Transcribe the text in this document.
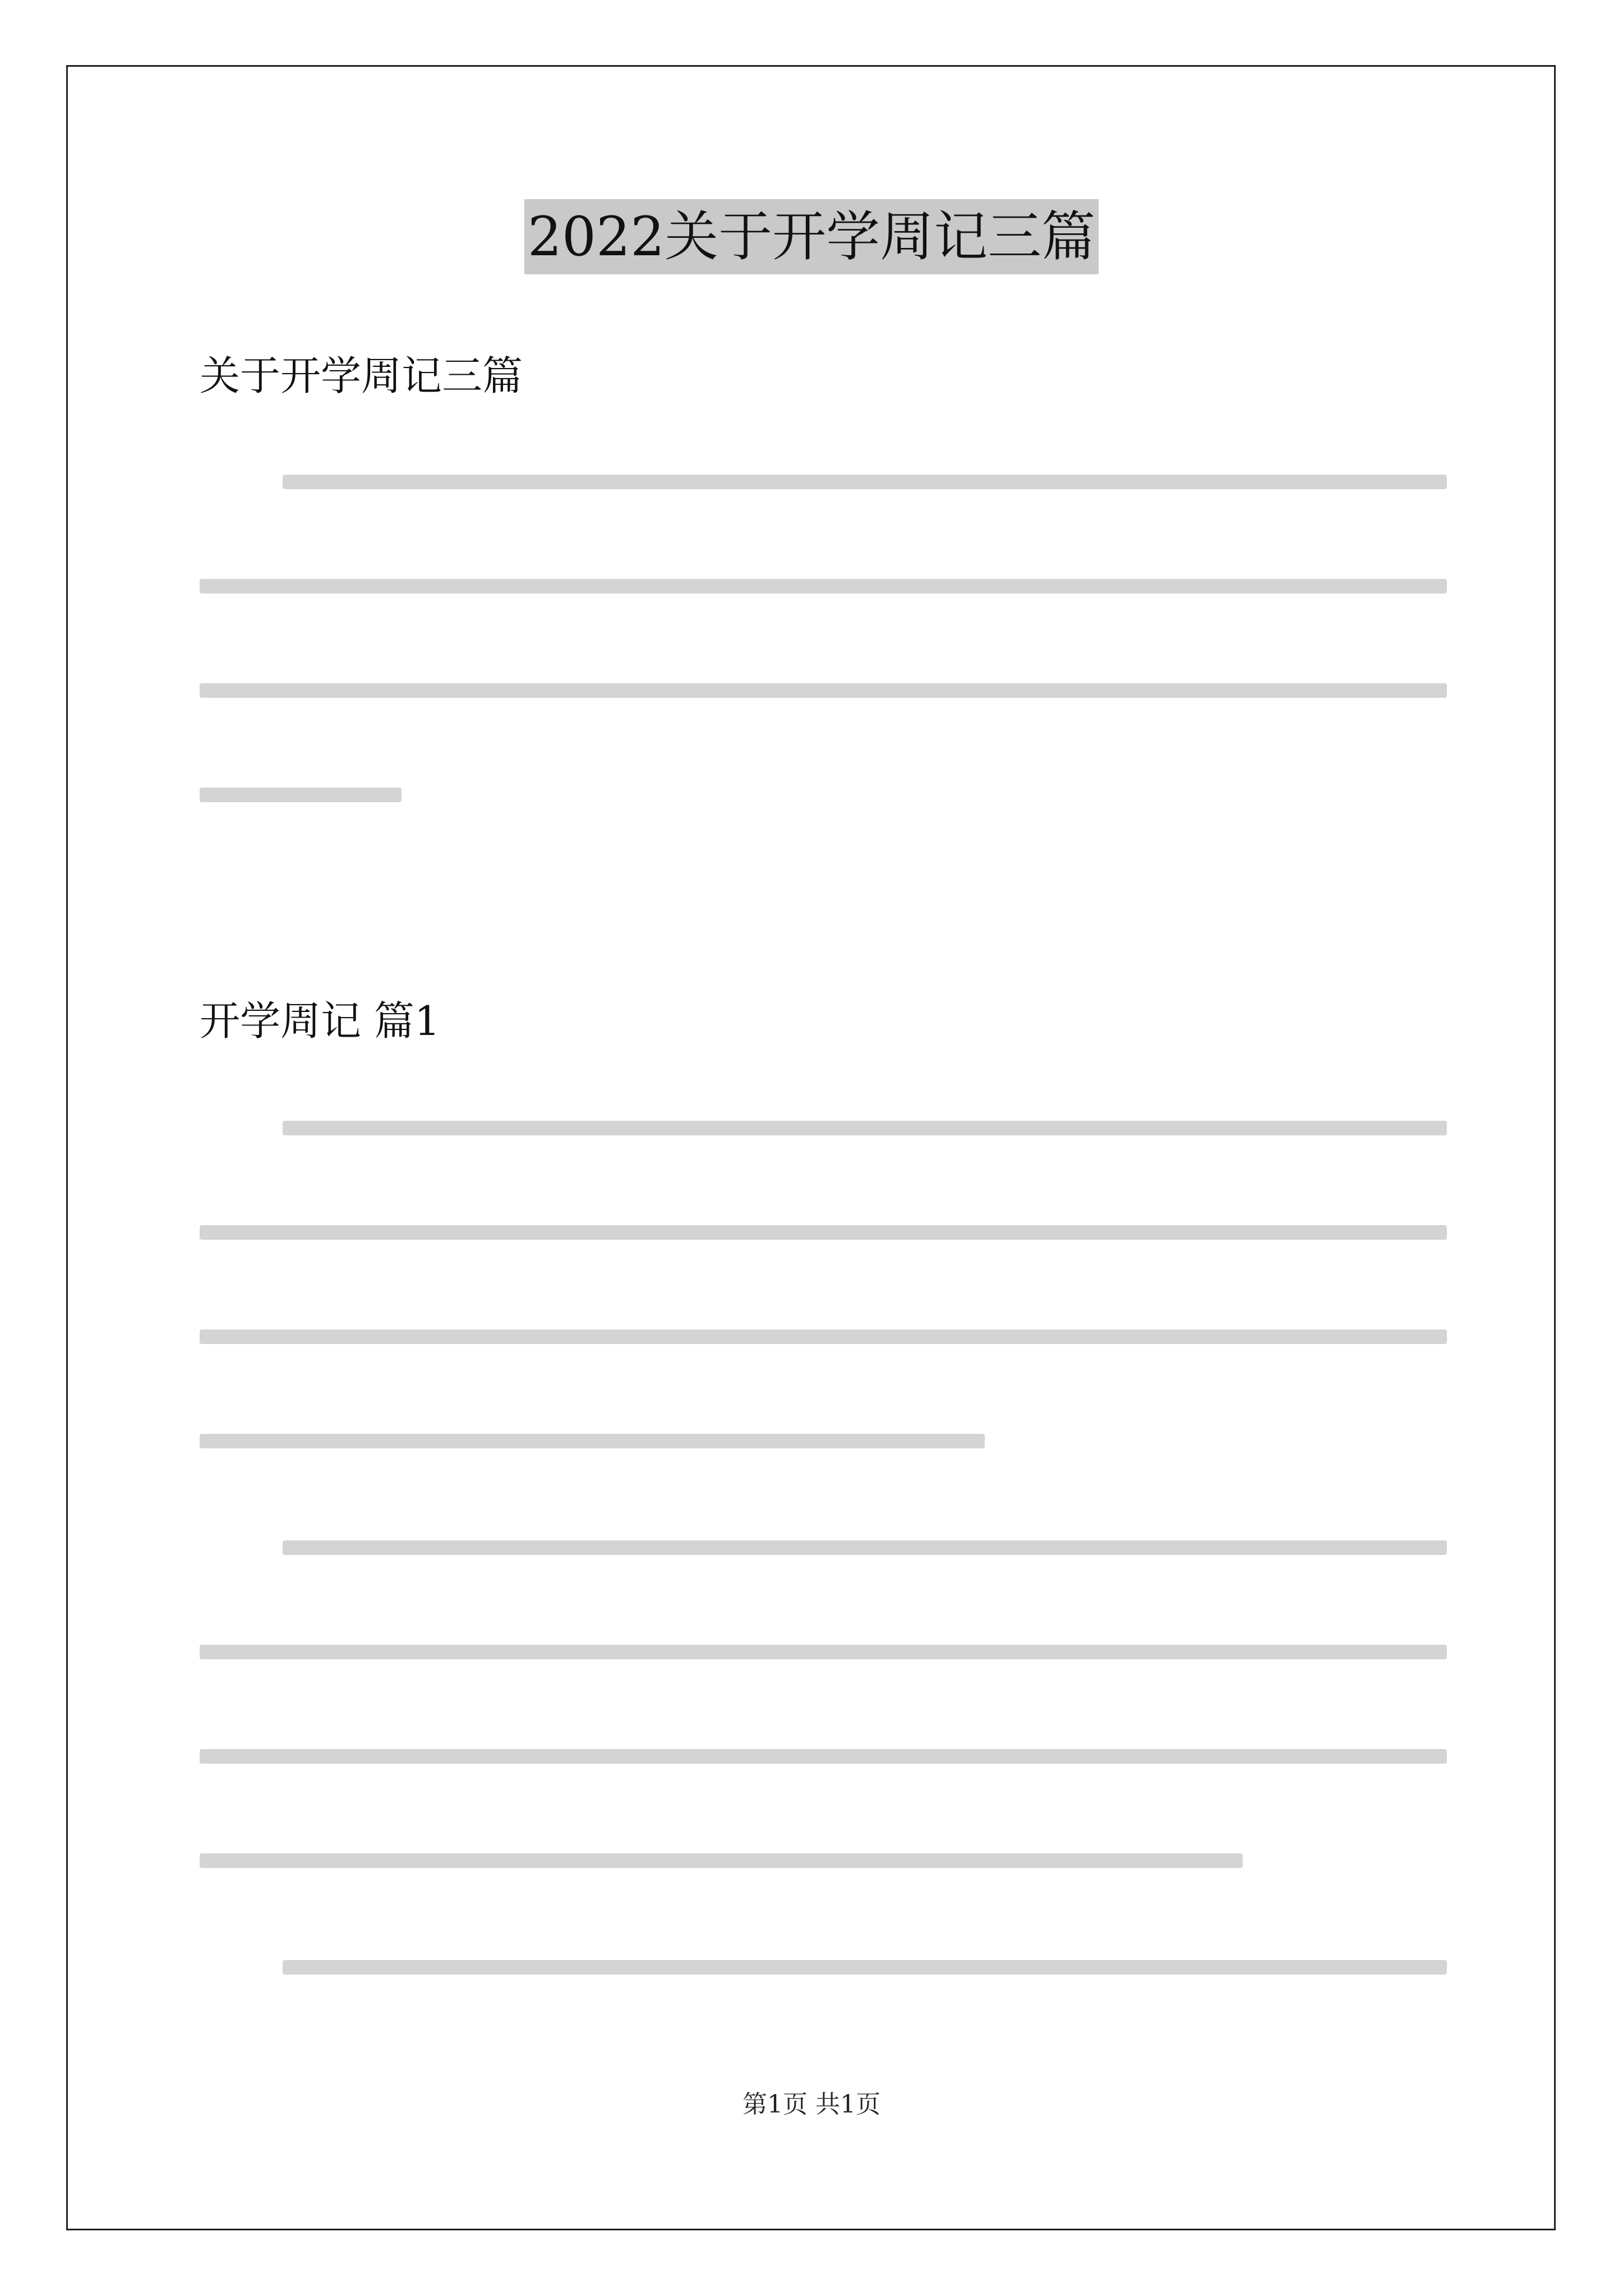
2022关于开学周记三篇
关于开学周记三篇
开学周记 篇1
第1页 共1页
